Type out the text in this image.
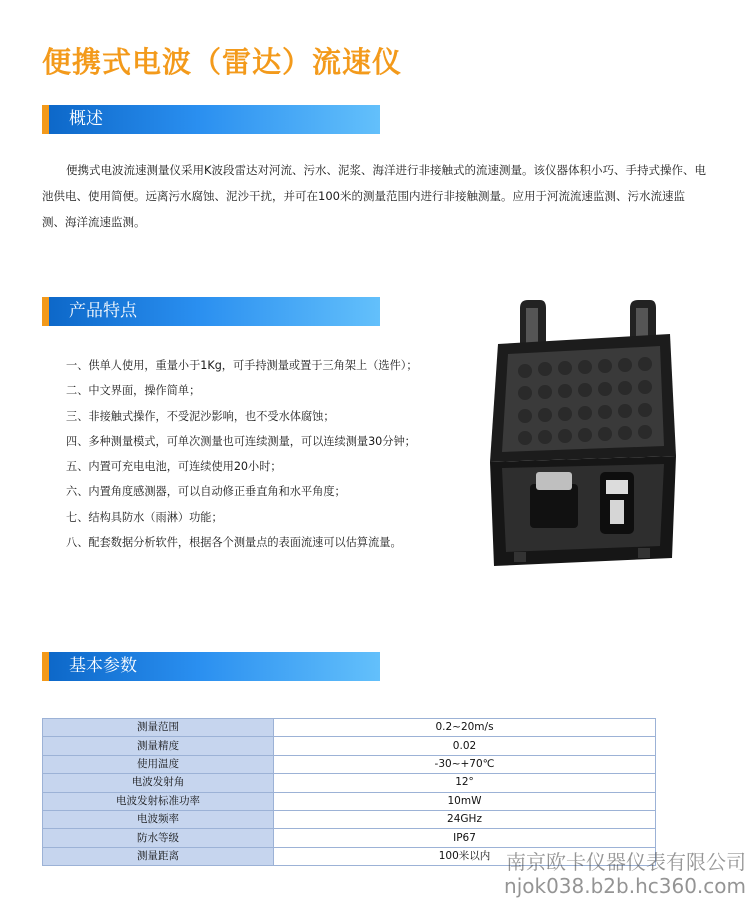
便携式电波（雷达）流速仪
概述

便携式电波流速测量仪采用K波段雷达对河流、污水、泥浆、海洋进行非接触式的流速测量。该仪器体积小巧、手持式操作、电池供电、使用简便。远离污水腐蚀、泥沙干扰，并可在100米的测量范围内进行非接触测量。应用于河流流速监测、污水流速监测、海洋流速监测。

产品特点
一、供单人使用，重量小于1Kg，可手持测量或置于三角架上（选件）；
二、中文界面，操作简单；
三、非接触式操作，不受泥沙影响，也不受水体腐蚀；
四、多种测量模式，可单次测量也可连续测量，可以连续测量30分钟；
五、内置可充电电池，可连续使用20小时；
六、内置角度感测器，可以自动修正垂直角和水平角度；
七、结构具防水（雨淋）功能；
八、配套数据分析软件，根据各个测量点的表面流速可以估算流量。
基本参数
测量范围	0.2~20m/s
测量精度	0.02
使用温度	-30~+70℃
电波发射角	12°
电波发射标准功率	10mW
电波频率	24GHz
防水等级	IP67
测量距离	100米以内 南京欧卡仪器仪表有限公司
njok038.b2b.hc360.com
